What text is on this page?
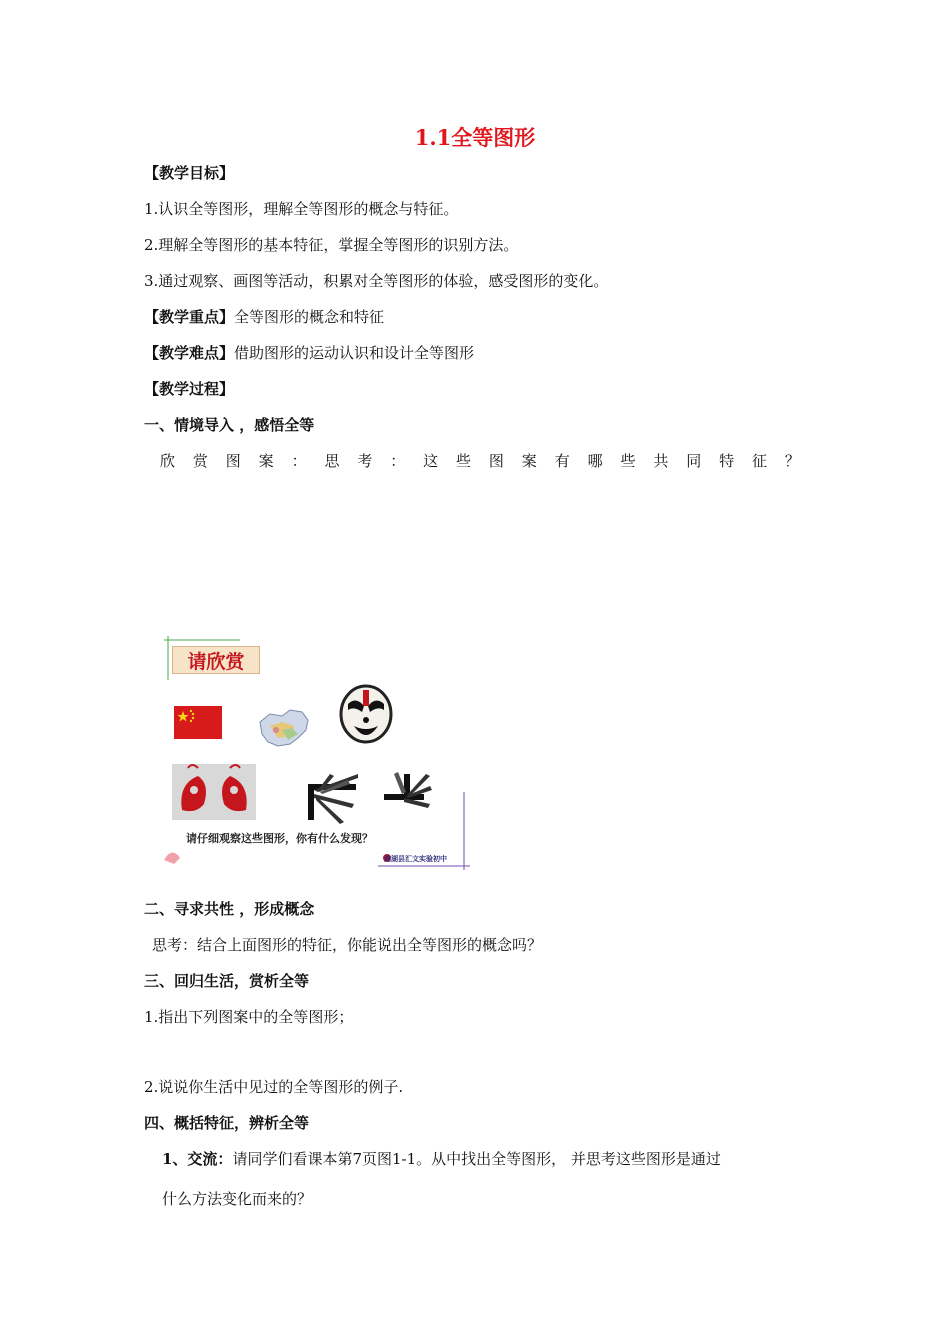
1.1全等图形
【教学目标】
1.认识全等图形，理解全等图形的概念与特征。
2.理解全等图形的基本特征，掌握全等图形的识别方法。
3.通过观察、画图等活动，积累对全等图形的体验，感受图形的变化。
【教学重点】全等图形的概念和特征
【教学难点】借助图形的运动认识和设计全等图形
【教学过程】
一、情境导入 ，感悟全等
欣 赏 图 案 ： 思 考 ： 这 些 图 案 有 哪 些 共 同 特 征 ？
请欣赏
请仔细观察这些图形，你有什么发现？
建湖县汇文实验初中
二、寻求共性 ，形成概念
思考：结合上面图形的特征，你能说出全等图形的概念吗？
三、回归生活，赏析全等
1.指出下列图案中的全等图形；
2.说说你生活中见过的全等图形的例子.
四、概括特征，辨析全等
1、交流：请同学们看课本第7页图1-1。从中找出全等图形， 并思考这些图形是通过
什么方法变化而来的？
